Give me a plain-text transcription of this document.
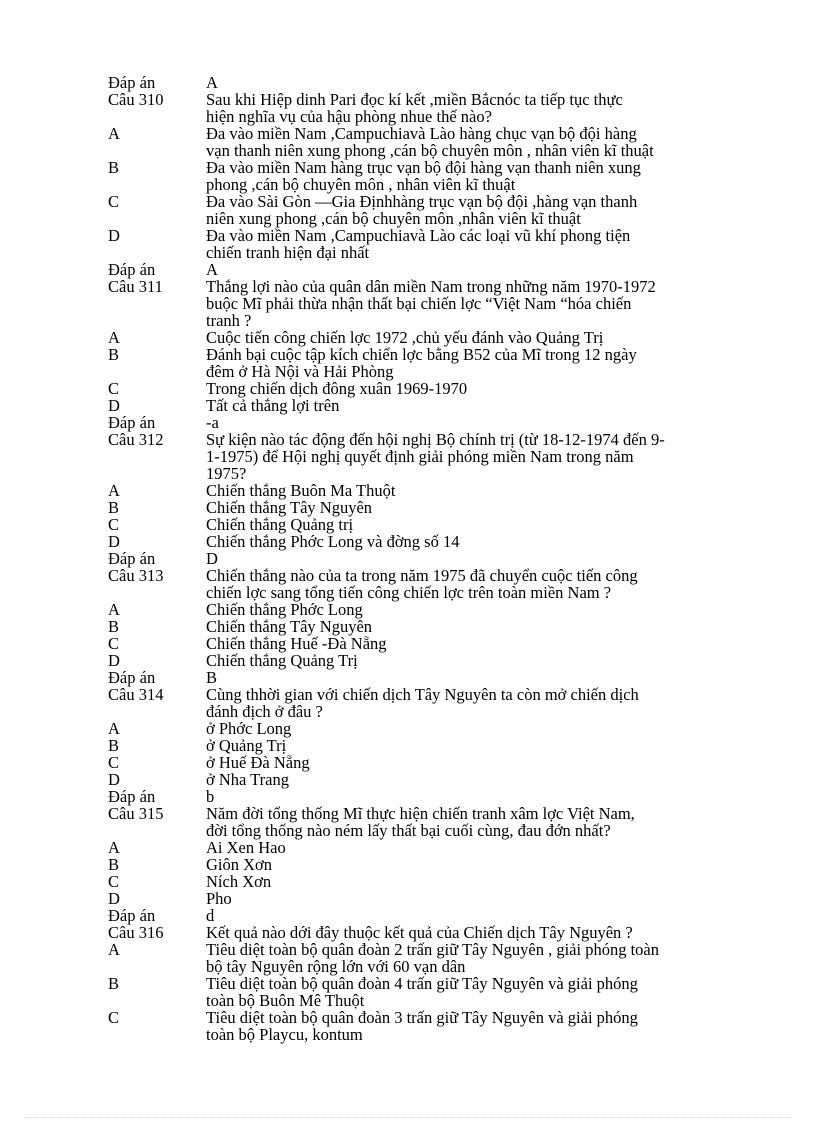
Đáp án	A
Câu 310	Sau khi Hiệp dinh Pari đọc kí kết ,miền Bắcnóc ta tiếp tục thực
hiện nghĩa vụ của hậu phòng nhue thế nào?
A	Đa vào miền Nam ,Campuchiavà Lào hàng chục vạn bộ đội hàng
vạn thanh niên xung phong ,cán bộ chuyên môn , nhân viên kĩ thuật
B	Đa vào miền Nam hàng trục vạn bộ đội hàng vạn thanh niên xung
phong ,cán bộ chuyên môn , nhân viên kĩ thuật
C	Đa vào Sài Gòn —Gia Địnhhàng trục vạn bộ đội ,hàng vạn thanh
niên xung phong ,cán bộ chuyên môn ,nhân viên kĩ thuật
D	Đa vào miền Nam ,Campuchiavà Lào các loại vũ khí phong tiện
chiến tranh hiện đại nhất
Đáp án	A
Câu 311	Thắng lợi nào của quân dân miền Nam trong những năm 1970-1972
buộc Mĩ phải thừa nhận thất bại chiến lợc “Việt Nam “hóa chiến
tranh ?
A	Cuộc tiến công chiến lợc 1972 ,chủ yếu đánh vào Quảng Trị
B	Đánh bại cuộc tập kích chiến lợc bằng B52 của Mĩ trong 12 ngày
đêm ở Hà Nội và Hải Phòng
C	Trong chiến dịch đông xuân 1969-1970
D	Tất cả thắng lợi trên
Đáp án	-a
Câu 312	Sự kiện nào tác động đến hội nghị Bộ chính trị (từ 18-12-1974 đến 9-
1-1975) để Hội nghị quyết định giải phóng miền Nam trong năm
1975?
A	Chiến thắng Buôn Ma Thuột
B	Chiến thắng Tây Nguyên
C	Chiến thắng Quảng trị
D	Chiến thắng Phớc Long và đờng số 14
Đáp án	D
Câu 313	Chiến thắng nào của ta trong năm 1975 đã chuyển cuộc tiến công
chiến lợc sang tổng tiến công chiến lợc trên toàn miền Nam ?
A	Chiến thắng Phớc Long
B	Chiến thắng Tây Nguyên
C	Chiến thắng Huế -Đà Nẵng
D	Chiến thắng Quảng Trị
Đáp án	B
Câu 314	Cùng thhời gian với chiến dịch Tây Nguyên ta còn mở chiến dịch
đánh địch ở đâu ?
A	ở Phớc Long
B	ở Quảng Trị
C	ở Huế Đà Nẵng
D	ở Nha Trang
Đáp án	b
Câu 315	Năm đời tổng thống Mĩ thực hiện chiến tranh xâm lợc Việt Nam,
đời tổng thống nào ném lấy thất bại cuối cùng, đau đớn nhất?
A	Ai Xen Hao
B	Giôn Xơn
C	Ních Xơn
D	Pho
Đáp án	d
Câu 316	Kết quả nào dới đây thuộc kết quả của Chiến dịch Tây Nguyên ?
A	Tiêu diệt toàn bộ quân đoàn 2 trấn giữ Tây Nguyên , giải phóng toàn
bộ tây Nguyên rộng lớn với 60 vạn dân
B	Tiêu diệt toàn bộ quân đoàn 4 trấn giữ Tây Nguyên và giải phóng
toàn bộ Buôn Mê Thuột
C	Tiêu diệt toàn bộ quân đoàn 3 trấn giữ Tây Nguyên và giải phóng
toàn bộ Playcu, kontum
